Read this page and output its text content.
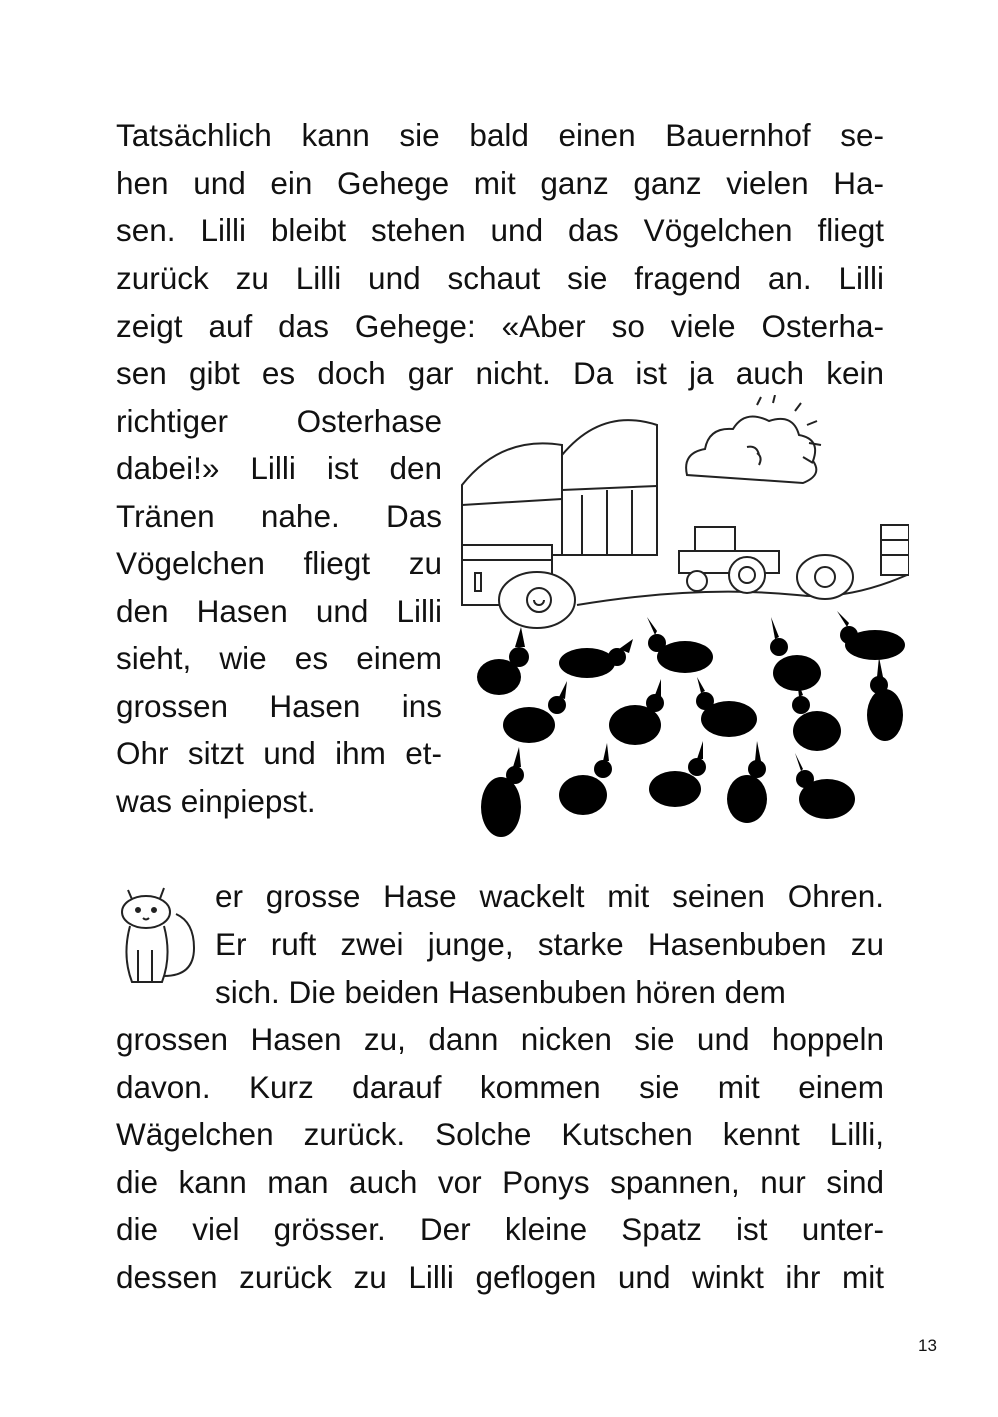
Tatsächlich kann sie bald einen Bauernhof se-
hen und ein Gehege mit ganz ganz vielen Ha-
sen. Lilli bleibt stehen und das Vögelchen fliegt
zurück zu Lilli und schaut sie fragend an. Lilli
zeigt auf das Gehege: «Aber so viele Osterha-
sen gibt es doch gar nicht. Da ist ja auch kein
richtiger Osterhase
dabei!» Lilli ist den
Tränen nahe. Das
Vögelchen fliegt zu
den Hasen und Lilli
sieht, wie es einem
grossen Hasen ins
Ohr sitzt und ihm et-
was einpiepst.
er grosse Hase wackelt mit seinen Ohren.
Er ruft zwei junge, starke Hasenbuben zu
sich. Die beiden Hasenbuben hören dem
grossen Hasen zu, dann nicken sie und hoppeln
davon. Kurz darauf kommen sie mit einem
Wägelchen zurück. Solche Kutschen kennt Lilli,
die kann man auch vor Ponys spannen, nur sind
die viel grösser. Der kleine Spatz ist unter-
dessen zurück zu Lilli geflogen und winkt ihr mit
13
